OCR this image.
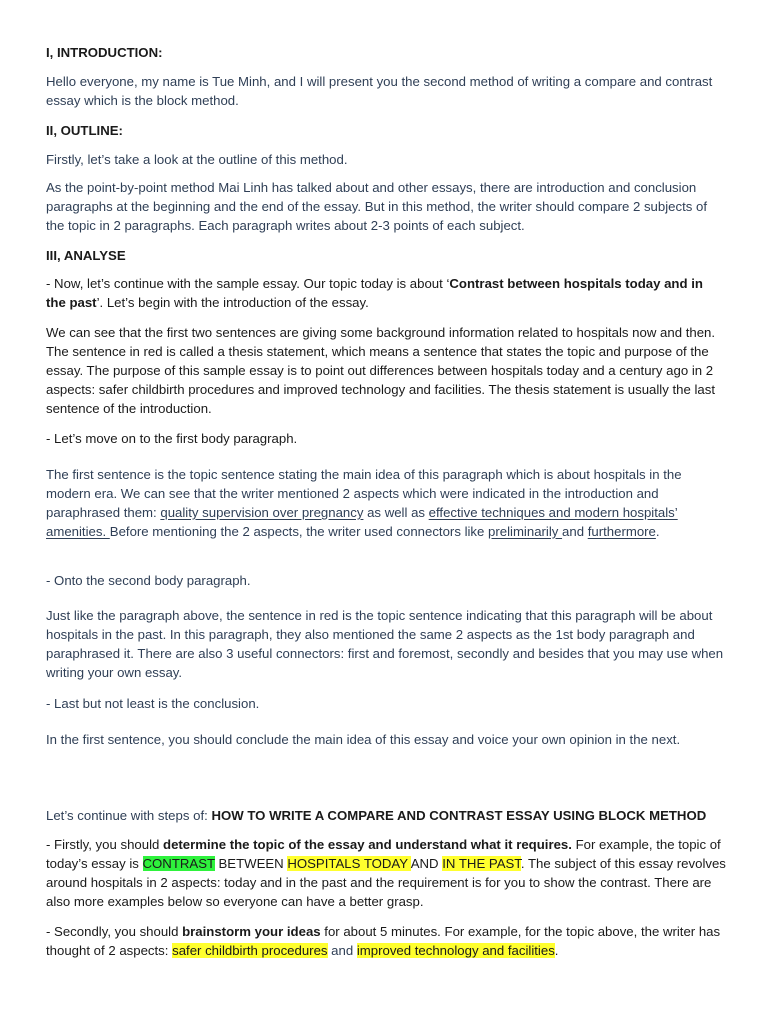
I, INTRODUCTION:

Hello everyone, my name is Tue Minh, and I will present you the second method of writing a compare and contrast essay which is the block method.

II, OUTLINE:

Firstly, let’s take a look at the outline of this method.

As the point-by-point method Mai Linh has talked about and other essays, there are introduction and conclusion paragraphs at the beginning and the end of the essay. But in this method, the writer should compare 2 subjects of the topic in 2 paragraphs. Each paragraph writes about 2-3 points of each subject.

III, ANALYSE

- Now, let’s continue with the sample essay. Our topic today is about ‘Contrast between hospitals today and in the past’. Let’s begin with the introduction of the essay.

We can see that the first two sentences are giving some background information related to hospitals now and then. The sentence in red is called a thesis statement, which means a sentence that states the topic and purpose of the essay. The purpose of this sample essay is to point out differences between hospitals today and a century ago in 2 aspects: safer childbirth procedures and improved technology and facilities. The thesis statement is usually the last sentence of the introduction.

- Let’s move on to the first body paragraph.

The first sentence is the topic sentence stating the main idea of this paragraph which is about hospitals in the modern era. We can see that the writer mentioned 2 aspects which were indicated in the introduction and paraphrased them: quality supervision over pregnancy as well as effective techniques and modern hospitals’ amenities. Before mentioning the 2 aspects, the writer used connectors like preliminarily and furthermore.

- Onto the second body paragraph.

Just like the paragraph above, the sentence in red is the topic sentence indicating that this paragraph will be about hospitals in the past. In this paragraph, they also mentioned the same 2 aspects as the 1st body paragraph and paraphrased it. There are also 3 useful connectors: first and foremost, secondly and besides that you may use when writing your own essay.

- Last but not least is the conclusion.

In the first sentence, you should conclude the main idea of this essay and voice your own opinion in the next.

Let’s continue with steps of: HOW TO WRITE A COMPARE AND CONTRAST ESSAY USING BLOCK METHOD

- Firstly, you should determine the topic of the essay and understand what it requires. For example, the topic of today’s essay is CONTRAST BETWEEN HOSPITALS TODAY AND IN THE PAST. The subject of this essay revolves around hospitals in 2 aspects: today and in the past and the requirement is for you to show the contrast. There are also more examples below so everyone can have a better grasp.

- Secondly, you should brainstorm your ideas for about 5 minutes. For example, for the topic above, the writer has thought of 2 aspects: safer childbirth procedures and improved technology and facilities.
